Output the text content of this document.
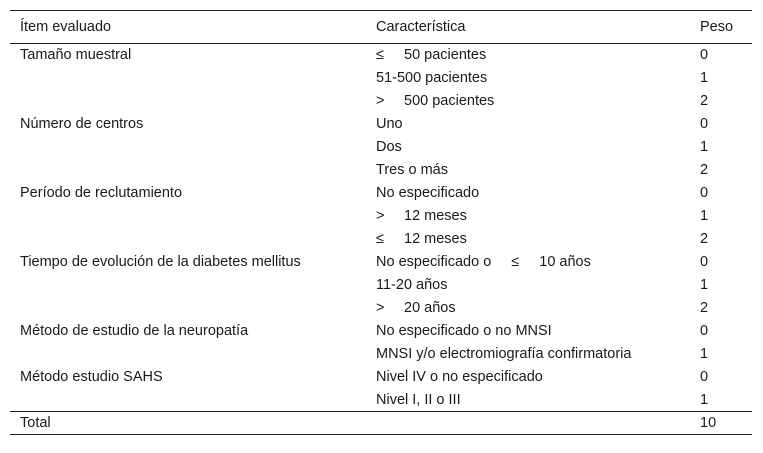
Ítem evaluado	Característica	Peso
Tamaño muestral	≤ 50 pacientes	0
	51-500 pacientes	1
	> 500 pacientes	2
Número de centros	Uno	0
	Dos	1
	Tres o más	2
Período de reclutamiento	No especificado	0
	> 12 meses	1
	≤ 12 meses	2
Tiempo de evolución de la diabetes mellitus	No especificado o ≤ 10 años	0
	11-20 años	1
	> 20 años	2
Método de estudio de la neuropatía	No especificado o no MNSI	0
	MNSI y/o electromiografía confirmatoria	1
Método estudio SAHS	Nivel IV o no especificado	0
	Nivel I, II o III	1
Total		10
